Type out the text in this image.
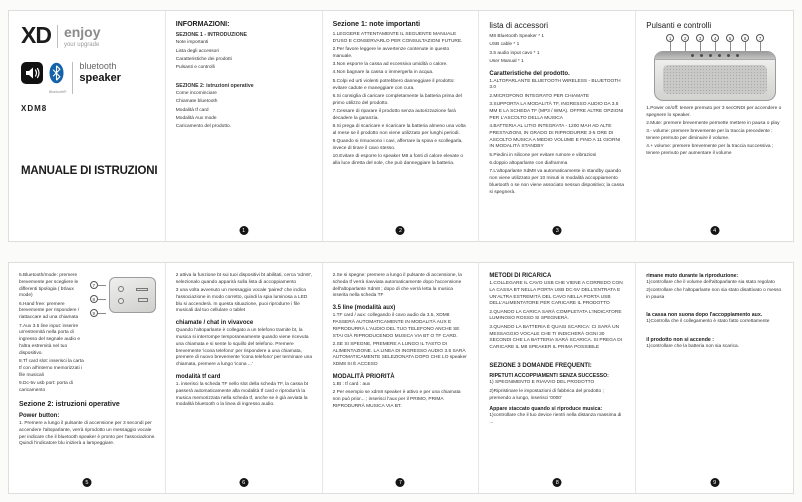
XD enjoy
your upgrade
Bluetooth®
bluetooth
speaker
XDM8
MANUALE DI ISTRUZIONI
INFORMAZIONI:
SEZIONE 1 - INTRODUZIONE

Note importanti

Lista degli accessori

Caratteristiche dei prodotti

Pulsanti e controlli

SEZIONE 2: istruzioni operative

Come incominciare

Chiamate bluetooth

Modalità tf card

Modalità Aux mode

Caricamento del prodotto.

1
Sezione 1: note importanti

1.LEGGERE ATTENTAMENTE IL SEGUENTE MANUALE D'USO E CONSERVARLO PER CONSULTAZIONI FUTURE.

2.Per favore leggere le avvertenze contenute in questo manuale.

3.Non esporre la cassa ad eccessiva umidità o calore.

4.Non bagnare la cassa o immergerla in acqua.

5.Colpi ed urti violenti potrebbero danneggiare il prodotto: evitare cadute e maneggiare con cura.

6.Si consiglia di caricare completamente la batteria prima del primo utilizzo del prodotto.

7.Cessare di riparare il prodotto senza autorizzazione farà decadere la garanzia.

8.Si prega di scaricare e ricaricare la batteria almeno una volta al mese se il prodotto non viene utilizzato per lunghi periodi.

9.Quando si rimuovono i cavi, afferrare la spina e scollegarla, invece di tirare il cavo stesso.

10.Evitare di esporre lo speaker M8 a fonti di calore elevate o alla luce diretta del sole, che può danneggiare la batteria.

2
lista di accessori

M8 Bluetooth Speaker * 1

USB cable * 1

3.5 audio input cavo * 1

User Manual * 1

Caratteristiche del prodotto.

1.ALTOPARLANTE BLUETOOTH WIRELESS - BLUETOOTH 3.0

2.MICROFONO INTEGRATO PER CHIAMATE

3.SUPPORTA LA MODALITÀ TF, INGRESSO AUDIO DA 3.5 MM E LA SCHEDA TF (MP3 / WMA). OFFRE ALTRE OPZIONI PER L'ASCOLTO DELLA MUSICA

4.BATTERIA AL LITIO INTEGRATA - 1200 MAH AD ALTE PRESTAZIONI, IN GRADO DI RIPRODURRE 3-5 ORE DI ASCOLTO MUSICA A MEDIO VOLUME E FINO A 11 GIORNI IN MODALITÀ STANDBY

5.Piedini in silicone per evitare rumore e vibrazioni

6.doppio altoparlante con diaframma

7.L'altoparlante XdM8 va automaticamente in standby quando non viene utilizzato per 10 minuti in modalità accoppiamento bluetooth o se non viene associato nessun dispositivo; la cassa si spegnerà.

3
Pulsanti e controlli
1	2	3	4	5	6	7

1.Power on/off: tenere premuto per 3 secONDI per accendere o spegnere lo speaker.

2.Mute: premere brevemente permette mettere in pausa o play

3.- volume: premere brevemente per la traccia precedente ; tenere premuto per diminuire il volume.

4.+ volume: premere brevemente per la traccia successiva ; tenere premuto per aumentare il volume

4

5.Bluetooth/mode: premere brevemente per scegliere le differenti tipologia ( bt/aux mode)

6.Hand free: premere brevemente per rispondere / riattaccare ad una chiamata

7.Aux 3.5 line input: inserire un'estremità nella porta di ingresso del segnale audio e l'altra estremità nel tuo dispositivo.

8.Tf card slot: inserisci la carta tf con all'interno memorizzati i file musicali

9.Dc-5v usb port: porta di caricamento

7
8
9
Sezione 2: istruzioni operative
Power button:

1. Premere a lungo il pulsante di accensione per 3 secondi per accendere l'altoparlante, verrà riprodotto un messaggio vocale per indicare che il bluetooth speaker è pronto per l'associazione. Quindi l'indicatore blu inizierà a lampeggiare.

5

2 attiva la funzione bt sui tuoi dispositivi bt abilitati, cerca 'xdm8', selezionalo quando apparirà sulla lista di accoppiamento

3 una volta avvenuto un messaggio vocale 'paired' che indica l'associazione in modo corretto, quindi la spia luminosa a LED blu si accenderà. In questa situazione, puoi riprodurre i file musicali dal tuo cellulare o tablet

chiamate / chat in vivavoce

Quando l'altoparlante è collegato a un telefono tramite bt, la musica si interrompe temporaneamente quando viene ricevuta una chiamata e si sente lo squillo del telefono. Premere brevemente 'icona telefono' per rispondere a una chiamata, premere di nuovo brevemente 'icona telefono' per terminare una chiamata, premere a lungo 'icona ...'

modalità tf card

1. inserisci la scheda TF nello slot della scheda TF, la cassa bt passerà automaticamente alla modalità tf card e riprodurrà la musica memorizzata nella scheda tf, anche se è già avviata la modalità bluetooth o la linea di ingresso audio.

6

2.Se si spegne: premere a lungo il pulsante di accensione, la scheda tf verrà riavviata automaticamente dopo l'accensione dell'altoparlante Xdm8 ; dopo di che verrà letta la musica inserita nella scheda TF

3.5 line (modalità aux)

1.TF card / aux: collegando il cavo audio da 3.5, XDM8 PASSERÀ AUTOMATICAMENTE IN MODALITÀ AUX E RIPRODURRÀ L'AUDIO DEL TUO TELEFONO ANCHE SE STAI GIÀ RIPRODUCENDO MUSICA VIA BT O TF CARD.

2.SE SI SPEGNE, PREMERE A LUNGO IL TASTO DI ALIMENTAZIONE. LA LINEA DI INGRESSO AUDIO 3.5 SARÀ AUTOMATICAMENTE SELEZIONATA DOPO CHE LO speaker XDM8 SI È ACCESO

MODALITÀ PRIORITÀ

1.Bt : tf card : aux

2 Per esempio se xdm8 speaker è attivo e per una chiamata non può prior... ; inserisci l'aux per il PRIMO, PRIMA RIPRODURRÀ MUSICA VIA BT.

7
METODI DI RICARICA

1.COLLEGARE IL CAVO USB CHE VIENE A CORREDO CON LA CASSA BT NELLA PORTA USB DC-5V DELL'ENTRATA E UN'ALTRA ESTREMITÀ DEL CAVO NELLA PORTA USB DELL'ALIMENTATORE PER CARICARE IL PRODOTTO

2.QUANDO LA CARICA SARÀ COMPLETATA L'INDICATORE LUMINOSO ROSSO SI SPEGNERÀ.

3.QUANDO LA BATTERIA È QUASI SCARICA: CI SARÀ UN MESSAGGIO VOCALE CHE TI INDICHERÀ OGNI 30 SECONDI CHE LA BATTERIA SARÀ SCARICA. SI PREGA DI CARICARE IL M8 SPEAKER IL PRIMA POSSIBILE

SEZIONE 3 DOMANDE FREQUENTI:
RIPETUTI ACCOPPIAMENTI SENZA SUCCESSO:

1) SPEGNIMENTO E RIAVVIO DEL PRODOTTO

2)Ripristinare le impostazioni di fabbrica del prodotto ; premendo a lungo, inserisci '0000'

Appare staccato quando si riproduce musica:

1)controllare che il tuo device rientri nella distanza massima di ...

8
rimane muto durante la riproduzione:

1)controllare che il volume dell'altoparlante sia stato regolato

2)controllare che l'altoparlante non sia stato disattivato o messo in pausa

la cassa non suona dopo l'accoppiamento aux.

1)Controlla che il collegamento è stato fatto correttamente

il prodotto non si accende :

1)controllare che la batteria non sia scarica.

9
